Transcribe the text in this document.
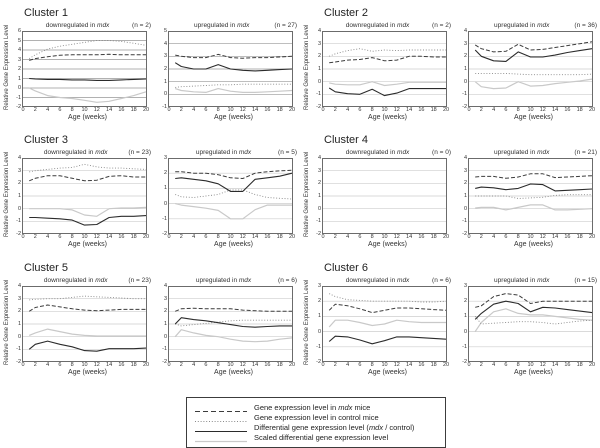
Cluster 1
Relative Gene Expression Level	downregulated in mdx	(n = 2)
6
5
4
3
2
1
0
-1
-2 0 2 4 6 8 10 12 14 16 18 20
Age (weeks)
upregulated in mdx	(n = 27)
5
4
3
2
1
0
-1 0 2 4 6 8 10 12 14 16 18 20
Age (weeks)
Cluster 2
Relative Gene Expression Level	downregulated in mdx	(n = 2)
4
3
2
1
0
-1
-2 0 2 4 6 8 10 12 14 16 18 20
Age (weeks)
upregulated in mdx	(n = 36)
4
3
2
1
0
-1
-2 0 2 4 6 8 10 12 14 16 18 20
Age (weeks)
Cluster 3
Relative Gene Expression Level	downregulated in mdx	(n = 23)
4
3
2
1
0
-1
-2 0 2 4 6 8 10 12 14 16 18 20
Age (weeks)
upregulated in mdx	(n = 5)
3
2
1
0
-1
-2 0 2 4 6 8 10 12 14 16 18 20
Age (weeks)
Cluster 4
Relative Gene Expression Level	downregulated in mdx	(n = 0)
4
3
2
1
0
-1
-2 0 2 4 6 8 10 12 14 16 18 20
Age (weeks)
upregulated in mdx	(n = 21)
4
3
2
1
0
-1
-2 0 2 4 6 8 10 12 14 16 18 20
Age (weeks)
Cluster 5
Relative Gene Expression Level	downregulated in mdx	(n = 23)
4
3
2
1
0
-1
-2 0 2 4 6 8 10 12 14 16 18 20
Age (weeks)
upregulated in mdx	(n = 6)
4
3
2
1
0
-1
-2 0 2 4 6 8 10 12 14 16 18 20
Age (weeks)
Cluster 6
Relative Gene Expression Level	downregulated in mdx	(n = 6)
3
2
1
0
-1
-2 0 2 4 6 8 10 12 14 16 18 20
Age (weeks)
upregulated in mdx	(n = 15)
3
2
1
0
-1
-2 0 2 4 6 8 10 12 14 16 18 20
Age (weeks)
Gene expression level in mdx mice
Gene expression level in control mice
Differential gene expression level (mdx / control)
Scaled differential gene expression level
